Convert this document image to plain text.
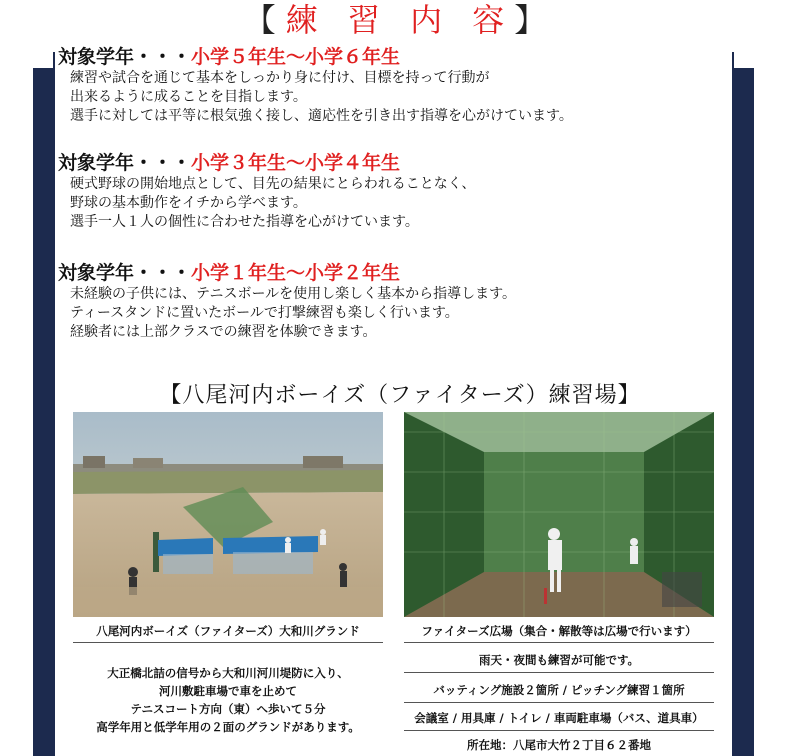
【練 習 内 容】
対象学年・・・小学５年生〜小学６年生
練習や試合を通じて基本をしっかり身に付け、目標を持って行動が
出来るように成ることを目指します。
選手に対しては平等に根気強く接し、適応性を引き出す指導を心がけています。
対象学年・・・小学３年生〜小学４年生
硬式野球の開始地点として、目先の結果にとらわれることなく、
野球の基本動作をイチから学べます。
選手一人１人の個性に合わせた指導を心がけています。
対象学年・・・小学１年生〜小学２年生
未経験の子供には、テニスボールを使用し楽しく基本から指導します。
ティースタンドに置いたボールで打撃練習も楽しく行います。
経験者には上部クラスでの練習を体験できます。
【八尾河内ボーイズ（ファイターズ）練習場】
八尾河内ボーイズ（ファイターズ）大和川グランド
大正橋北詰の信号から大和川河川堤防に入り、
河川敷駐車場で車を止めて
テニスコート方向（東）へ歩いて５分
高学年用と低学年用の２面のグランドがあります。
ファイターズ広場（集合・解散等は広場で行います）
雨天・夜間も練習が可能です。
バッティング施設２箇所 / ピッチング練習１箇所
会議室 / 用具庫 / トイレ / 車両駐車場（バス、道具車）
所在地：八尾市大竹２丁目６２番地
